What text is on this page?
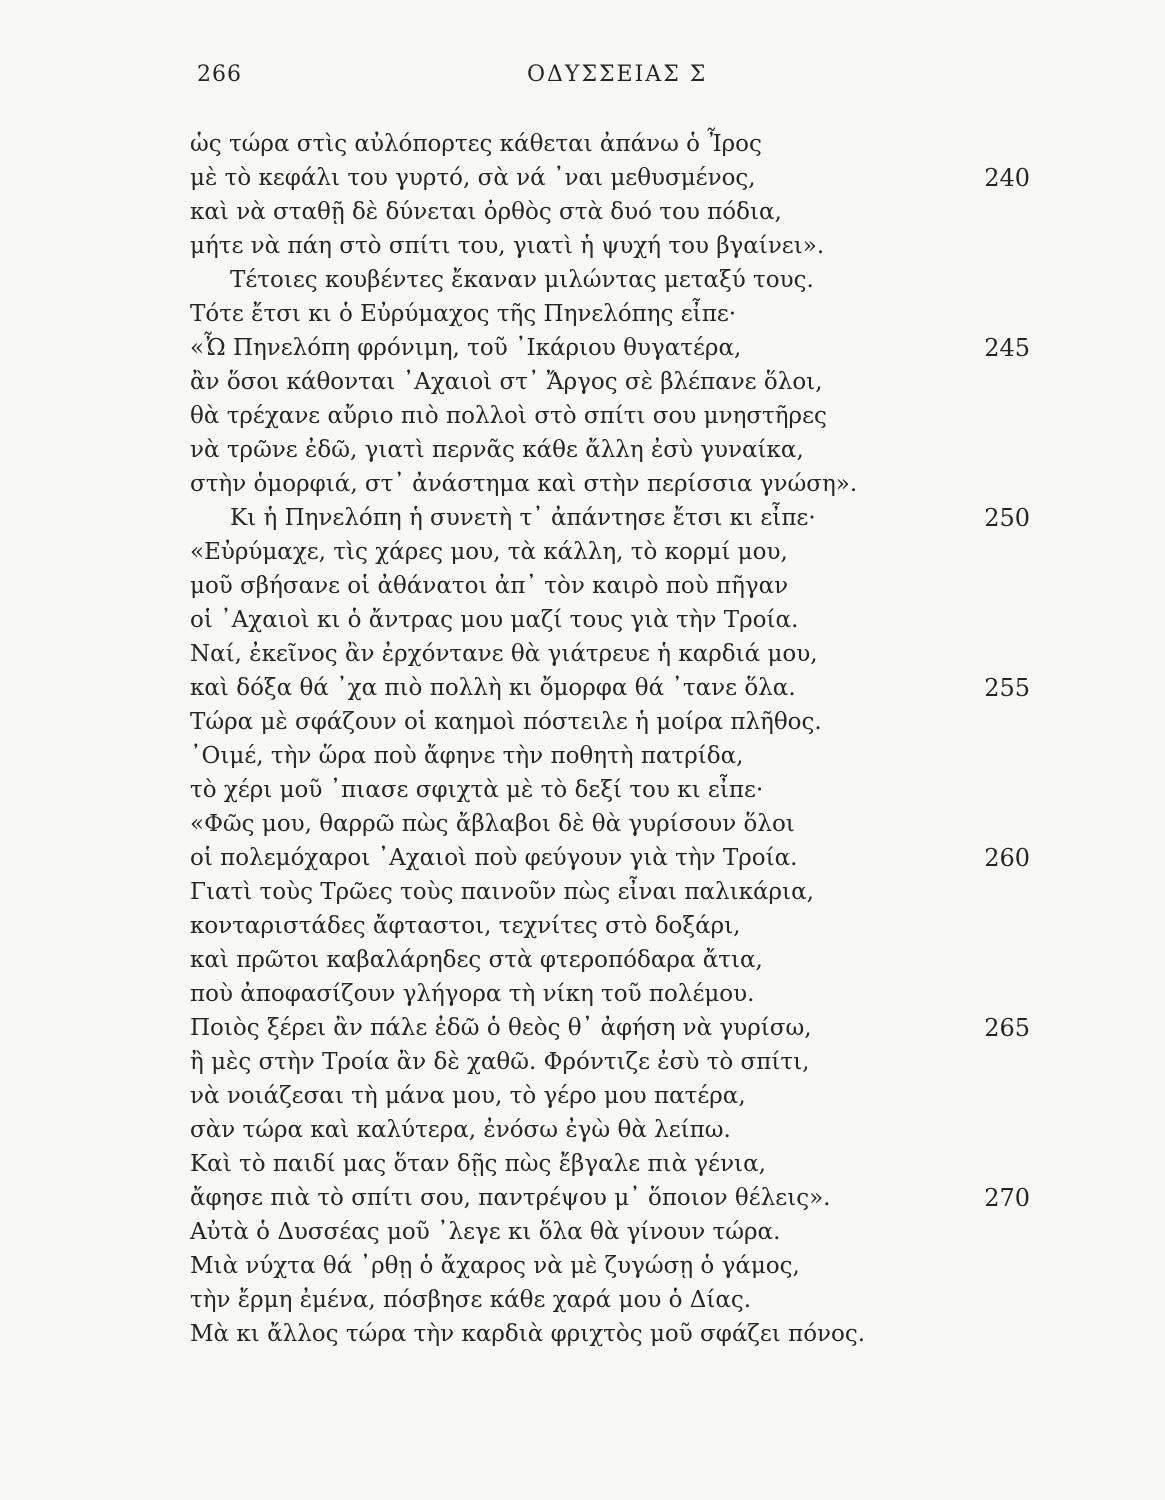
266	ΟΔΥΣΣΕΙΑΣ Σ
ὡς τώρα στὶς αὐλόπορτες κάθεται ἀπάνω ὁ Ἶρος
μὲ τὸ κεφάλι του γυρτό, σὰ νά ᾽ναι μεθυσμένος,	240
καὶ νὰ σταθῇ δὲ δύνεται ὀρθὸς στὰ δυό του πόδια,
μήτε νὰ πάη στὸ σπίτι του, γιατὶ ἡ ψυχή του βγαίνει».
Τέτοιες κουβέντες ἔκαναν μιλώντας μεταξύ τους.
Τότε ἔτσι κι ὁ Εὐρύμαχος τῆς Πηνελόπης εἶπε·
«Ὦ Πηνελόπη φρόνιμη, τοῦ ᾽Ικάριου θυγατέρα,	245
ἂν ὅσοι κάθονται ᾽Αχαιοὶ στ᾽ Ἄργος σὲ βλέπανε ὅλοι,
θὰ τρέχανε αὔριο πιὸ πολλοὶ στὸ σπίτι σου μνηστῆρες
νὰ τρῶνε ἐδῶ, γιατὶ περνᾶς κάθε ἄλλη ἐσὺ γυναίκα,
στὴν ὁμορφιά, στ᾽ ἀνάστημα καὶ στὴν περίσσια γνώση».
Κι ἡ Πηνελόπη ἡ συνετὴ τ᾽ ἀπάντησε ἔτσι κι εἶπε·	250
«Εὐρύμαχε, τὶς χάρες μου, τὰ κάλλη, τὸ κορμί μου,
μοῦ σβήσανε οἱ ἀθάνατοι ἀπ᾽ τὸν καιρὸ ποὺ πῆγαν
οἱ ᾽Αχαιοὶ κι ὁ ἄντρας μου μαζί τους γιὰ τὴν Τροία.
Ναί, ἐκεῖνος ἂν ἐρχόντανε θὰ γιάτρευε ἡ καρδιά μου,
καὶ δόξα θά ᾽χα πιὸ πολλὴ κι ὄμορφα θά ᾽τανε ὅλα.	255
Τώρα μὲ σφάζουν οἱ καημοὶ πόστειλε ἡ μοίρα πλῆθος.
᾽Οιμέ, τὴν ὥρα ποὺ ἄφηνε τὴν ποθητὴ πατρίδα,
τὸ χέρι μοῦ ᾽πιασε σφιχτὰ μὲ τὸ δεξί του κι εἶπε·
«Φῶς μου, θαρρῶ πὼς ἄβλαβοι δὲ θὰ γυρίσουν ὅλοι
οἱ πολεμόχαροι ᾽Αχαιοὶ ποὺ φεύγουν γιὰ τὴν Τροία.	260
Γιατὶ τοὺς Τρῶες τοὺς παινοῦν πὼς εἶναι παλικάρια,
κονταριστάδες ἄφταστοι, τεχνίτες στὸ δοξάρι,
καὶ πρῶτοι καβαλάρηδες στὰ φτεροπόδαρα ἄτια,
ποὺ ἀποφασίζουν γλήγορα τὴ νίκη τοῦ πολέμου.
Ποιὸς ξέρει ἂν πάλε ἐδῶ ὁ θεὸς θ᾽ ἀφήση νὰ γυρίσω,	265
ἢ μὲς στὴν Τροία ἂν δὲ χαθῶ. Φρόντιζε ἐσὺ τὸ σπίτι,
νὰ νοιάζεσαι τὴ μάνα μου, τὸ γέρο μου πατέρα,
σὰν τώρα καὶ καλύτερα, ἐνόσω ἐγὼ θὰ λείπω.
Καὶ τὸ παιδί μας ὅταν δῇς πὼς ἔβγαλε πιὰ γένια,
ἄφησε πιὰ τὸ σπίτι σου, παντρέψου μ᾽ ὅποιον θέλεις».	270
Αὐτὰ ὁ Δυσσέας μοῦ ᾽λεγε κι ὅλα θὰ γίνουν τώρα.
Μιὰ νύχτα θά ᾽ρθῃ ὁ ἄχαρος νὰ μὲ ζυγώσῃ ὁ γάμος,
τὴν ἔρμη ἐμένα, πόσβησε κάθε χαρά μου ὁ Δίας.
Μὰ κι ἄλλος τώρα τὴν καρδιὰ φριχτὸς μοῦ σφάζει πόνος.
